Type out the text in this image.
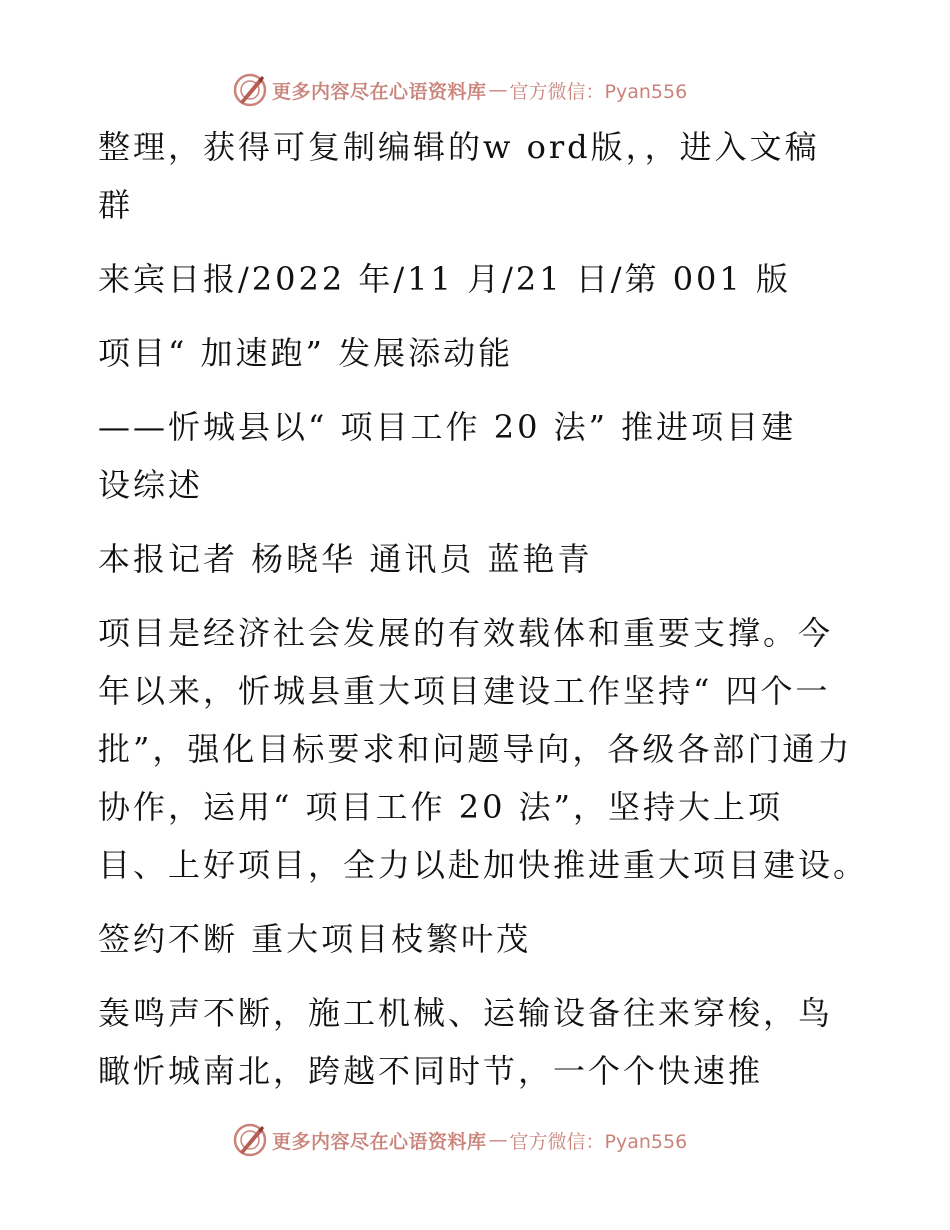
更多内容尽在心语资料库 — 官方微信：Pyan556
整理，获得可复制编辑的w ord版，，进入文稿
群
来宾日报/2022 年/11 月/21 日/第 001 版
项目“ 加速跑” 发展添动能
——忻城县以“ 项目工作 20 法” 推进项目建
设综述
本报记者 杨晓华 通讯员 蓝艳青
项目是经济社会发展的有效载体和重要支撑。今
年以来，忻城县重大项目建设工作坚持“ 四个一
批”，强化目标要求和问题导向，各级各部门通力
协作，运用“ 项目工作 20 法”，坚持大上项
目、上好项目，全力以赴加快推进重大项目建设。
签约不断 重大项目枝繁叶茂
轰鸣声不断，施工机械、运输设备往来穿梭，鸟
瞰忻城南北，跨越不同时节，一个个快速推
更多内容尽在心语资料库 — 官方微信：Pyan556
